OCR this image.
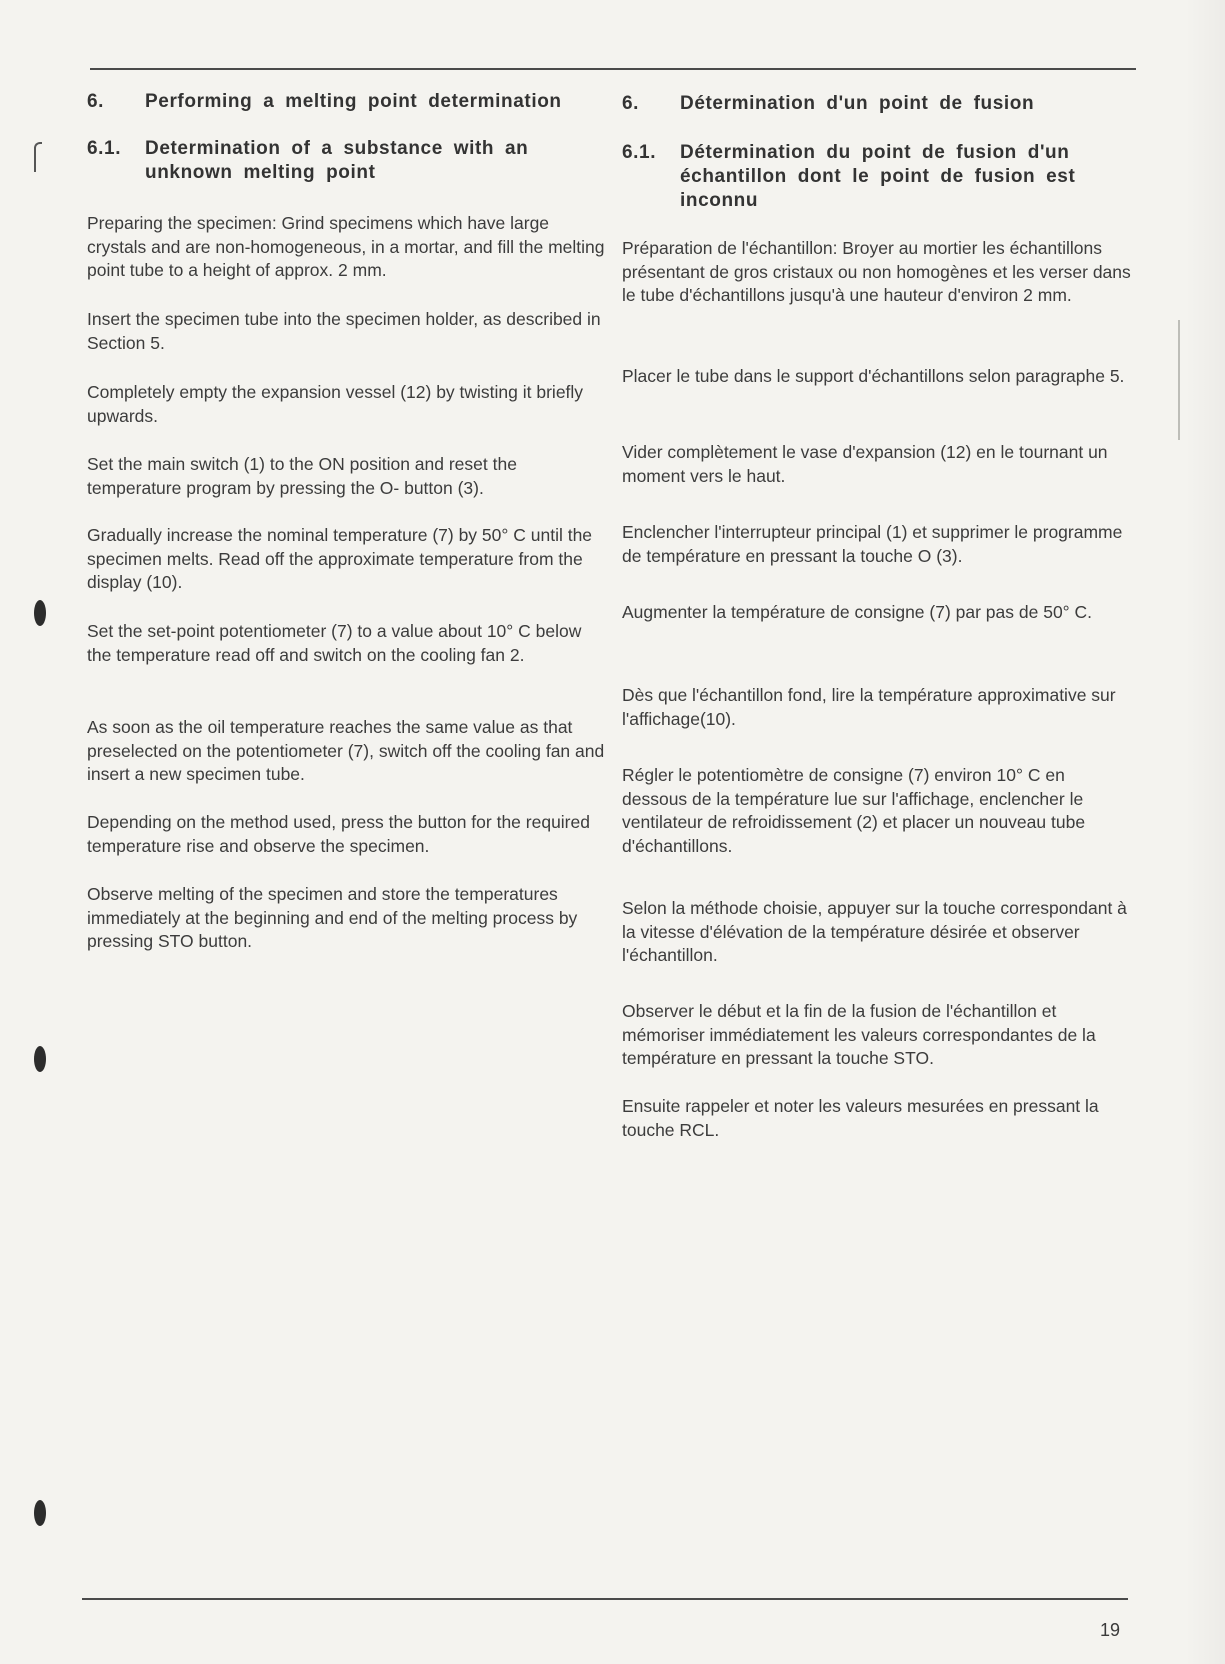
6.	Performing a melting point determination
6.1.	Determination of a substance with an unknown melting point

Preparing the specimen: Grind specimens which have large crystals and are non-homogeneous, in a mortar, and fill the melting point tube to a height of approx. 2 mm.

Insert the specimen tube into the specimen holder, as described in Section 5.

Completely empty the expansion vessel (12) by twisting it briefly upwards.

Set the main switch (1) to the ON position and reset the temperature program by pressing the O- button (3).

Gradually increase the nominal temperature (7) by 50° C until the specimen melts. Read off the approximate temperature from the display (10).

Set the set-point potentiometer (7) to a value about 10° C below the temperature read off and switch on the cooling fan 2.

As soon as the oil temperature reaches the same value as that preselected on the potentiometer (7), switch off the cooling fan and insert a new specimen tube.

Depending on the method used, press the button for the required temperature rise and observe the specimen.

Observe melting of the specimen and store the temperatures immediately at the beginning and end of the melting process by pressing STO button.

6.	Détermination d'un point de fusion
6.1.	Détermination du point de fusion d'un échantillon dont le point de fusion est inconnu

Préparation de l'échantillon: Broyer au mortier les échantillons présentant de gros cristaux ou non homogènes et les verser dans le tube d'échantillons jusqu'à une hauteur d'environ 2 mm.

Placer le tube dans le support d'échantillons selon paragraphe 5.

Vider complètement le vase d'expansion (12) en le tournant un moment vers le haut.

Enclencher l'interrupteur principal (1) et supprimer le programme de température en pressant la touche O (3).

Augmenter la température de consigne (7) par pas de 50° C.

Dès que l'échantillon fond, lire la température approximative sur l'affichage(10).

Régler le potentiomètre de consigne (7) environ 10° C en dessous de la température lue sur l'affichage, enclencher le ventilateur de refroidissement (2) et placer un nouveau tube d'échantillons.

Selon la méthode choisie, appuyer sur la touche correspondant à la vitesse d'élévation de la température désirée et observer l'échantillon.

Observer le début et la fin de la fusion de l'échantillon et mémoriser immédiatement les valeurs correspondantes de la température en pressant la touche STO.

Ensuite rappeler et noter les valeurs mesurées en pressant la touche RCL.

19
